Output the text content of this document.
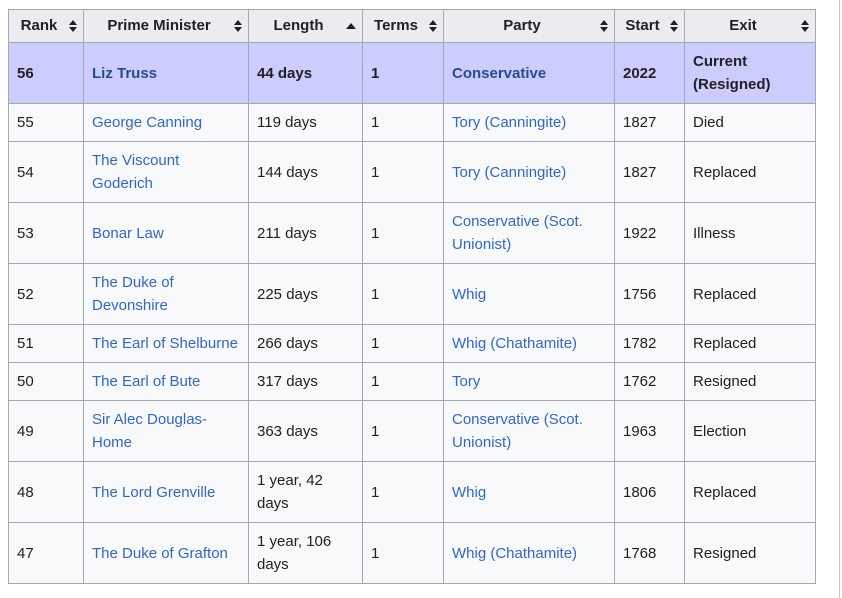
Rank	Prime Minister	Length	Terms	Party	Start	Exit

56	Liz Truss	44 days	1	Conservative	2022	Current (Resigned)
55	George Canning	119 days	1	Tory (Canningite)	1827	Died
54	The Viscount Goderich	144 days	1	Tory (Canningite)	1827	Replaced
53	Bonar Law	211 days	1	Conservative (Scot. Unionist)	1922	Illness
52	The Duke of Devonshire	225 days	1	Whig	1756	Replaced
51	The Earl of Shelburne	266 days	1	Whig (Chathamite)	1782	Replaced
50	The Earl of Bute	317 days	1	Tory	1762	Resigned
49	Sir Alec Douglas-Home	363 days	1	Conservative (Scot. Unionist)	1963	Election
48	The Lord Grenville	1 year, 42 days	1	Whig	1806	Replaced
47	The Duke of Grafton	1 year, 106 days	1	Whig (Chathamite)	1768	Resigned
